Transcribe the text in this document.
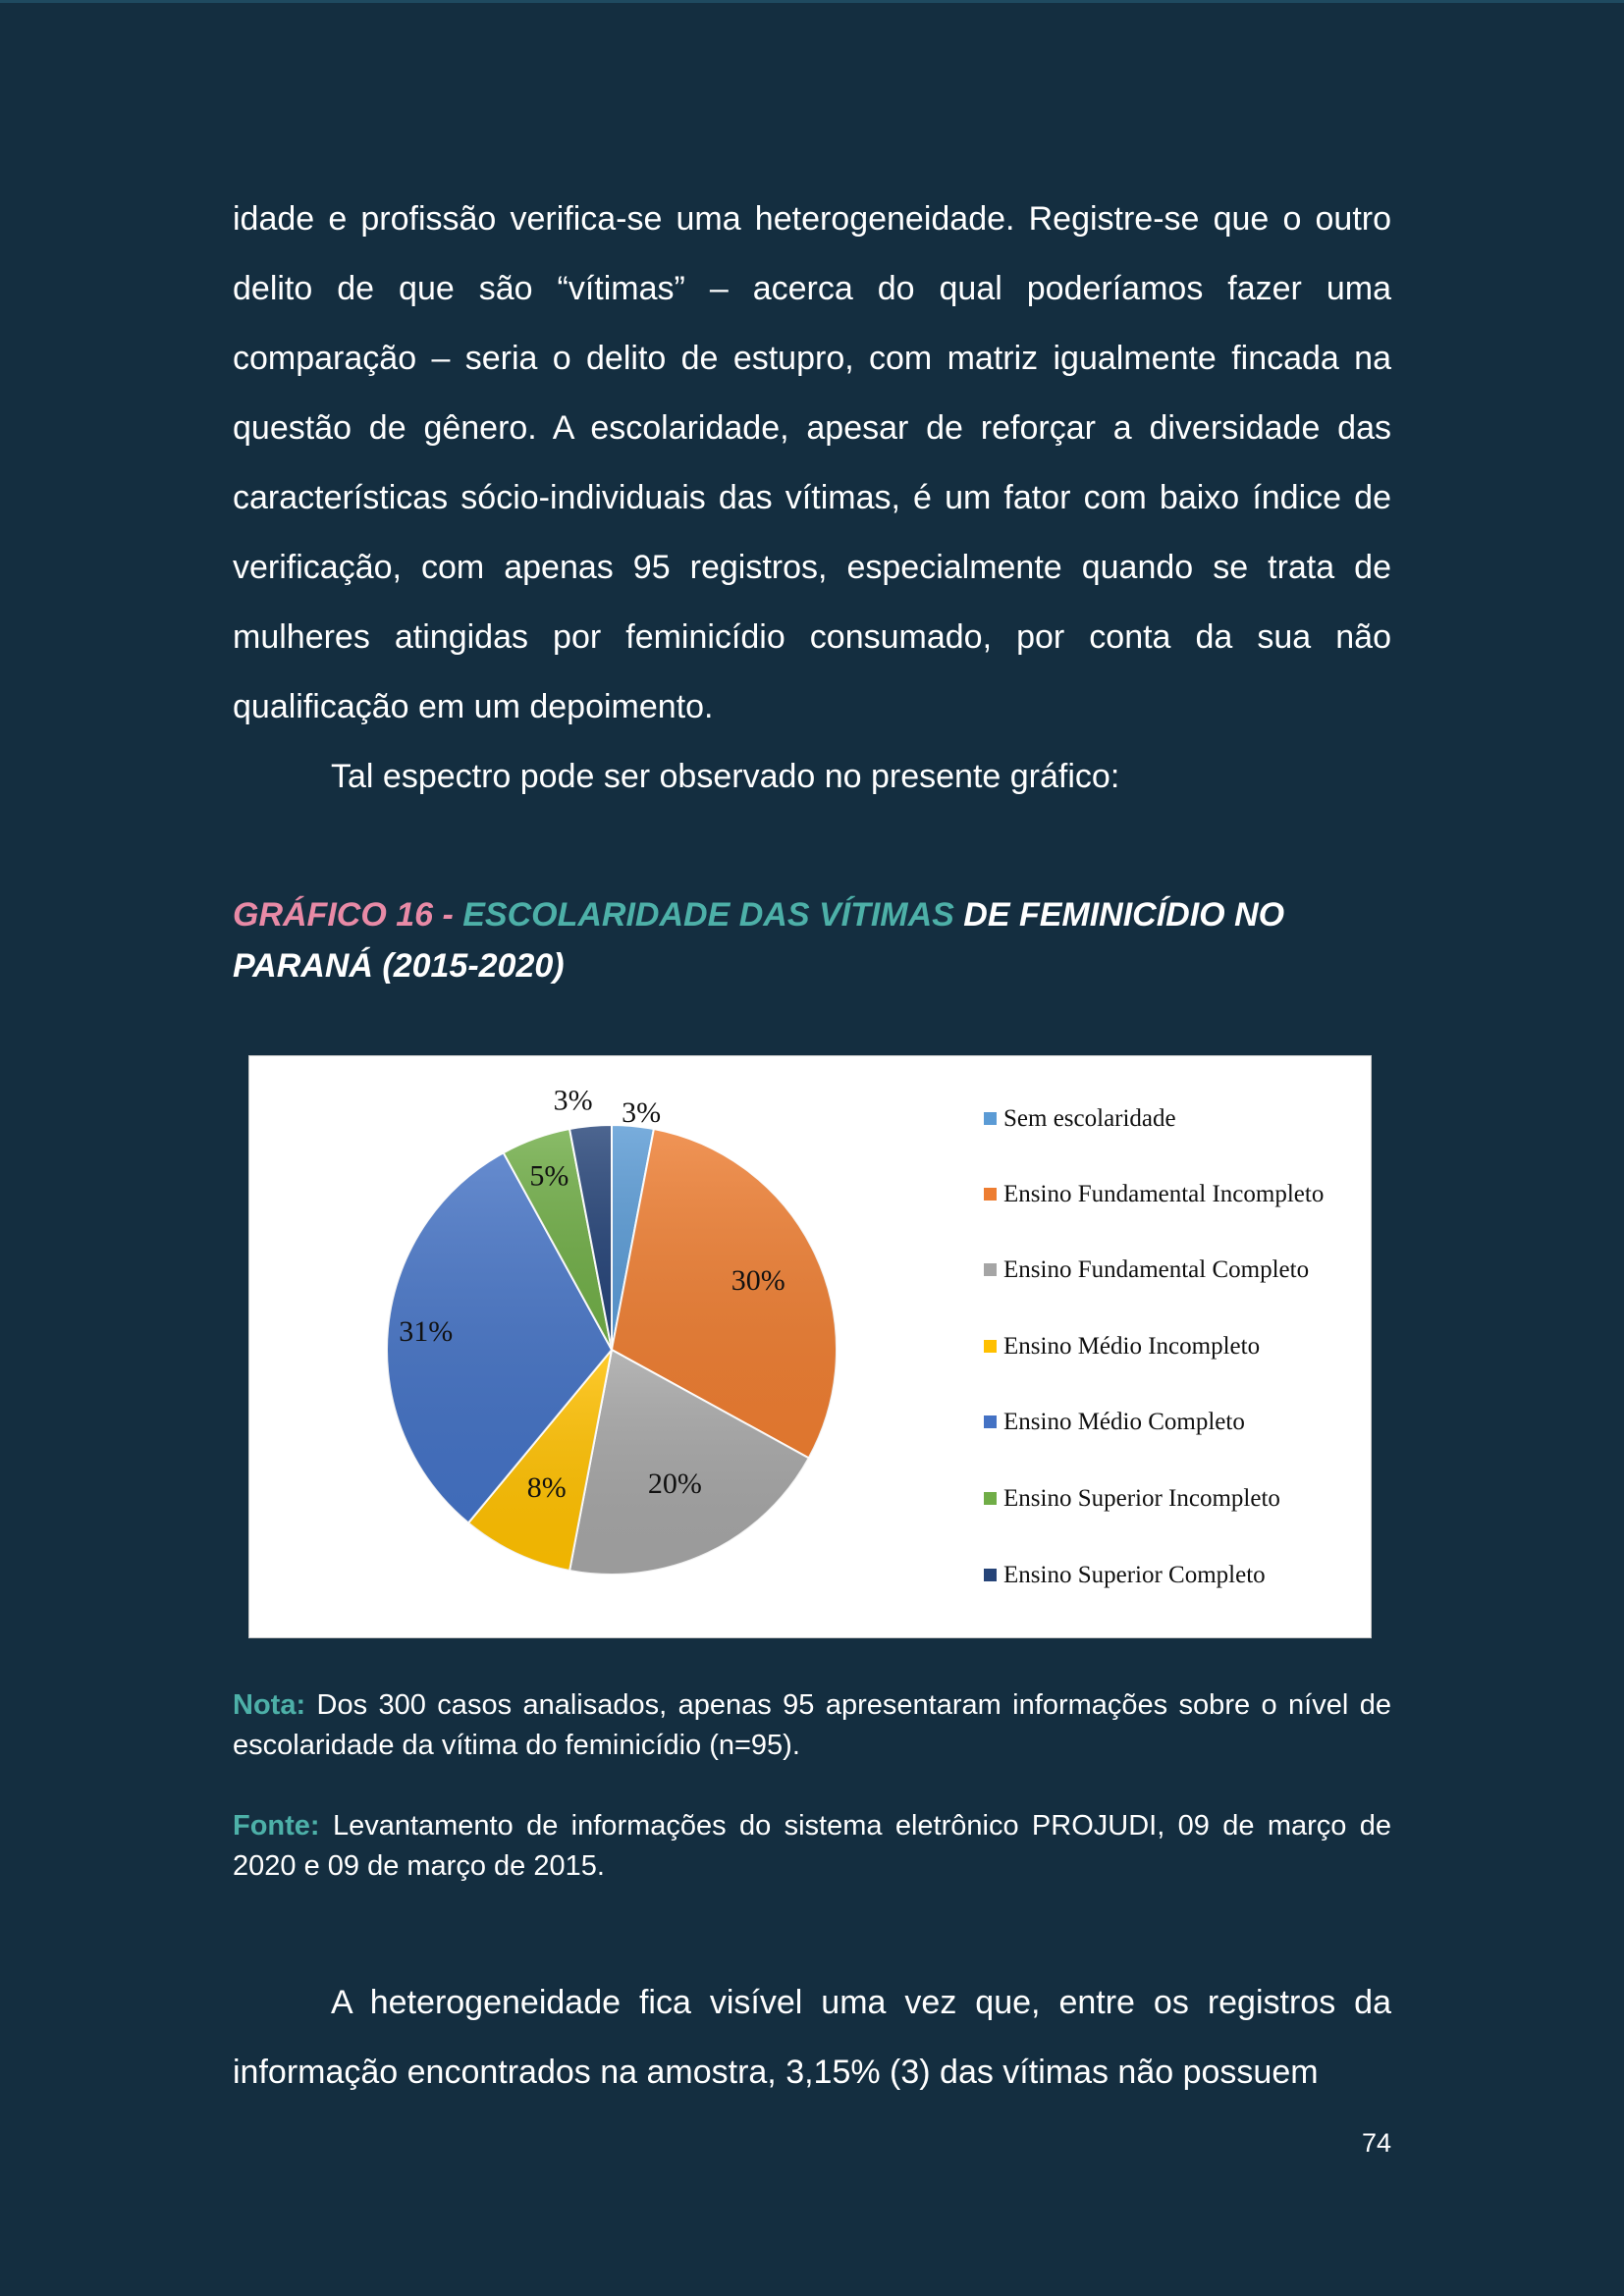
idade e profissão verifica-se uma heterogeneidade. Registre-se que o outro delito de que são “vítimas” – acerca do qual poderíamos fazer uma comparação – seria o delito de estupro, com matriz igualmente fincada na questão de gênero. A escolaridade, apesar de reforçar a diversidade das características sócio-individuais das vítimas, é um fator com baixo índice de verificação, com apenas 95 registros, especialmente quando se trata de mulheres atingidas por feminicídio consumado, por conta da sua não qualificação em um depoimento.

Tal espectro pode ser observado no presente gráfico:

GRÁFICO 16 - ESCOLARIDADE DAS VÍTIMAS DE FEMINICÍDIO NO PARANÁ (2015-2020)

3%
30%
20%
8%
31%
5%
3%
Sem escolaridade
Ensino Fundamental Incompleto
Ensino Fundamental Completo
Ensino Médio Incompleto
Ensino Médio Completo
Ensino Superior Incompleto
Ensino Superior Completo

Nota: Dos 300 casos analisados, apenas 95 apresentaram informações sobre o nível de escolaridade da vítima do feminicídio (n=95).

Fonte: Levantamento de informações do sistema eletrônico PROJUDI, 09 de março de 2020 e 09 de março de 2015.

A heterogeneidade fica visível uma vez que, entre os registros da informação encontrados na amostra, 3,15% (3) das vítimas não possuem

74
